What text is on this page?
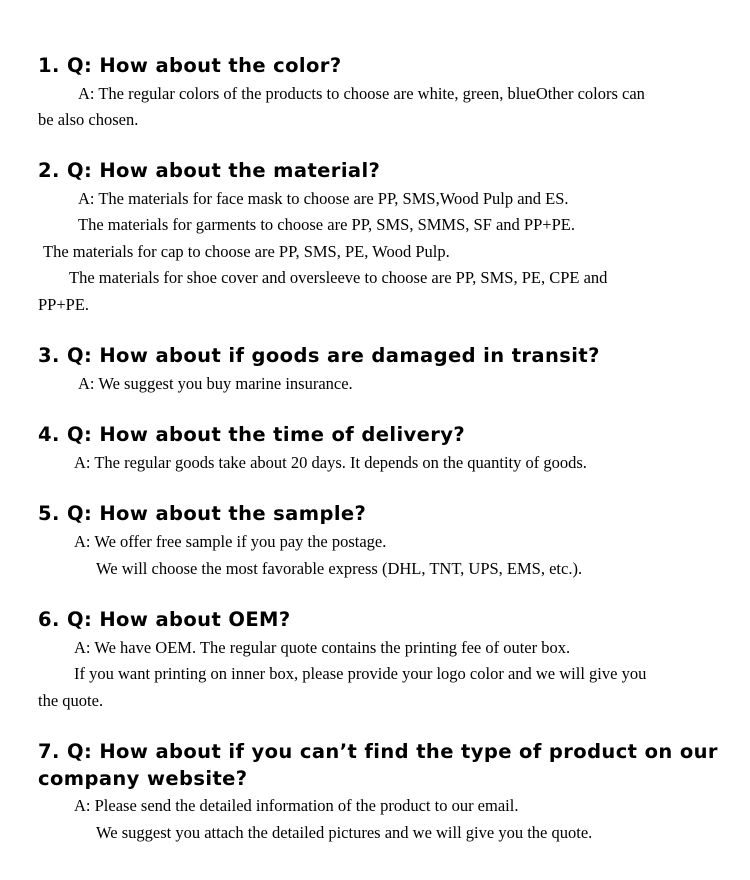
1. Q: How about the color?

A: The regular colors of the products to choose are white, green, blueOther colors can

be also chosen.

2. Q: How about the material?

A: The materials for face mask to choose are PP, SMS,Wood Pulp and ES.

The materials for garments to choose are PP, SMS, SMMS, SF and PP+PE.

The materials for cap to choose are PP, SMS, PE, Wood Pulp.

The materials for shoe cover and oversleeve to choose are PP, SMS, PE, CPE and

PP+PE.

3. Q: How about if goods are damaged in transit?

A: We suggest you buy marine insurance.

4. Q: How about the time of delivery?

A: The regular goods take about 20 days. It depends on the quantity of goods.

5. Q: How about the sample?

A: We offer free sample if you pay the postage.

We will choose the most favorable express (DHL, TNT, UPS, EMS, etc.).

6. Q: How about OEM?

A: We have OEM. The regular quote contains the printing fee of outer box.

If you want printing on inner box, please provide your logo color and we will give you

the quote.

7. Q: How about if you can’t find the type of product on our company website?

A: Please send the detailed information of the product to our email.

We suggest you attach the detailed pictures and we will give you the quote.
